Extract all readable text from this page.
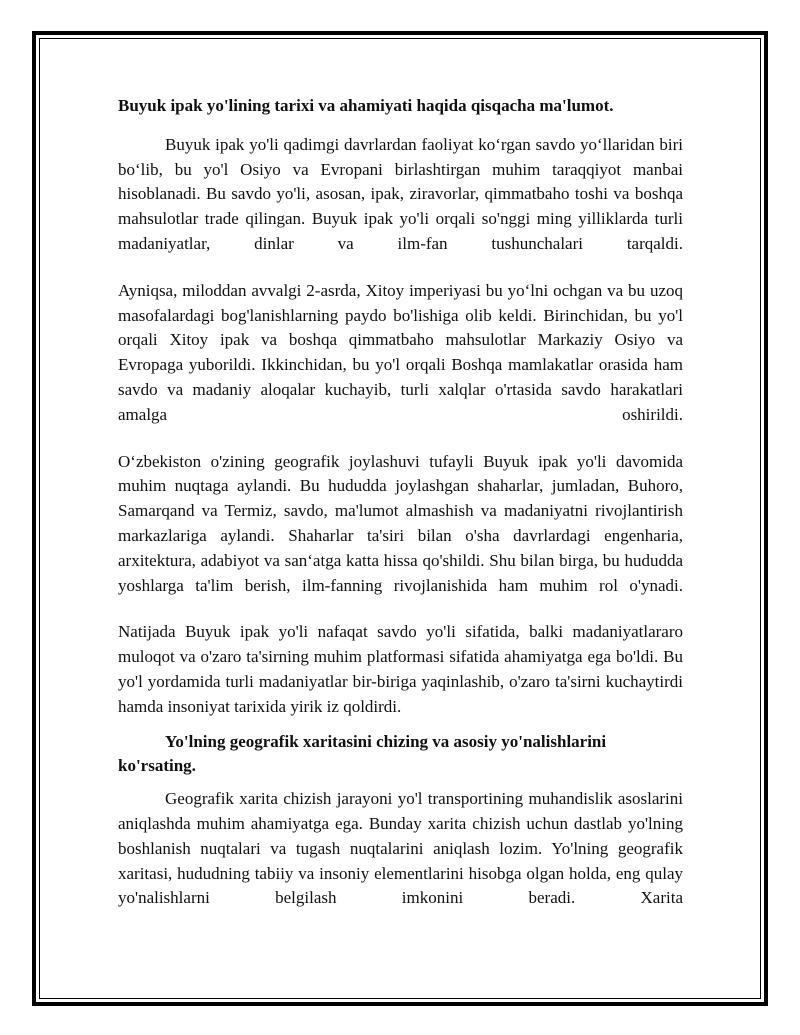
Buyuk ipak yo'lining tarixi va ahamiyati haqida qisqacha ma'lumot.

Buyuk ipak yo'li qadimgi davrlardan faoliyat ko‘rgan savdo yo‘llaridan biri bo‘lib, bu yo'l Osiyo va Evropani birlashtirgan muhim taraqqiyot manbai hisoblanadi. Bu savdo yo'li, asosan, ipak, ziravorlar, qimmatbaho toshi va boshqa mahsulotlar trade qilingan. Buyuk ipak yo'li orqali so'nggi ming yilliklarda turli madaniyatlar, dinlar va ilm-fan tushunchalari tarqaldi.

Ayniqsa, miloddan avvalgi 2-asrda, Xitoy imperiyasi bu yo‘lni ochgan va bu uzoq masofalardagi bog'lanishlarning paydo bo'lishiga olib keldi. Birinchidan, bu yo'l orqali Xitoy ipak va boshqa qimmatbaho mahsulotlar Markaziy Osiyo va Evropaga yuborildi. Ikkinchidan, bu yo'l orqali Boshqa mamlakatlar orasida ham savdo va madaniy aloqalar kuchayib, turli xalqlar o'rtasida savdo harakatlari amalga oshirildi.

O‘zbekiston o'zining geografik joylashuvi tufayli Buyuk ipak yo'li davomida muhim nuqtaga aylandi. Bu hududda joylashgan shaharlar, jumladan, Buhoro, Samarqand va Termiz, savdo, ma'lumot almashish va madaniyatni rivojlantirish markazlariga aylandi. Shaharlar ta'siri bilan o'sha davrlardagi engenharia, arxitektura, adabiyot va san‘atga katta hissa qo'shildi. Shu bilan birga, bu hududda yoshlarga ta'lim berish, ilm-fanning rivojlanishida ham muhim rol o'ynadi.

Natijada Buyuk ipak yo'li nafaqat savdo yo'li sifatida, balki madaniyatlararo muloqot va o'zaro ta'sirning muhim platformasi sifatida ahamiyatga ega bo'ldi. Bu yo'l yordamida turli madaniyatlar bir-biriga yaqinlashib, o'zaro ta'sirni kuchaytirdi hamda insoniyat tarixida yirik iz qoldirdi.

Yo'lning geografik xaritasini chizing va asosiy yo'nalishlarini ko'rsating.

Geografik xarita chizish jarayoni yo'l transportining muhandislik asoslarini aniqlashda muhim ahamiyatga ega. Bunday xarita chizish uchun dastlab yo'lning boshlanish nuqtalari va tugash nuqtalarini aniqlash lozim. Yo'lning geografik xaritasi, hududning tabiiy va insoniy elementlarini hisobga olgan holda, eng qulay yo'nalishlarni belgilash imkonini beradi. Xarita
